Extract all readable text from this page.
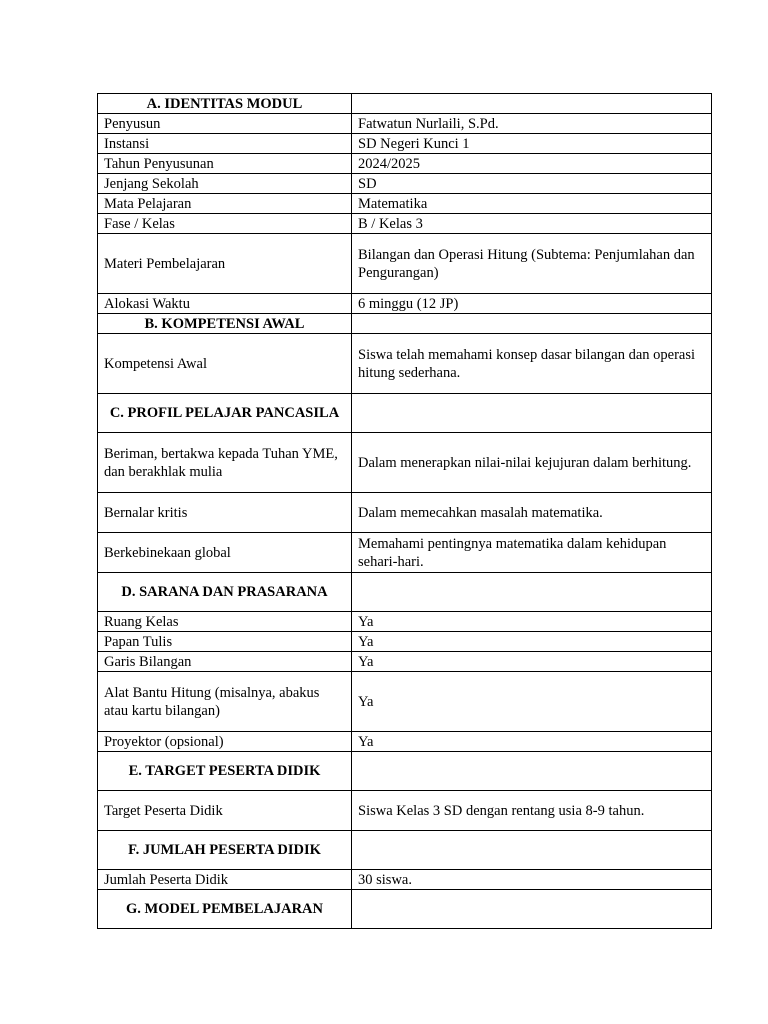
A. IDENTITAS MODUL	
Penyusun	Fatwatun Nurlaili, S.Pd.
Instansi	SD Negeri Kunci 1
Tahun Penyusunan	2024/2025
Jenjang Sekolah	SD
Mata Pelajaran	Matematika
Fase / Kelas	B / Kelas 3
Materi Pembelajaran	Bilangan dan Operasi Hitung (Subtema: Penjumlahan dan Pengurangan)
Alokasi Waktu	6 minggu (12 JP)
B. KOMPETENSI AWAL	
Kompetensi Awal	Siswa telah memahami konsep dasar bilangan dan operasi hitung sederhana.
C. PROFIL PELAJAR PANCASILA	
Beriman, bertakwa kepada Tuhan YME, dan berakhlak mulia	Dalam menerapkan nilai-nilai kejujuran dalam berhitung.
Bernalar kritis	Dalam memecahkan masalah matematika.
Berkebinekaan global	Memahami pentingnya matematika dalam kehidupan sehari-hari.
D. SARANA DAN PRASARANA	
Ruang Kelas	Ya
Papan Tulis	Ya
Garis Bilangan	Ya
Alat Bantu Hitung (misalnya, abakus atau kartu bilangan)	Ya
Proyektor (opsional)	Ya
E. TARGET PESERTA DIDIK	
Target Peserta Didik	Siswa Kelas 3 SD dengan rentang usia 8-9 tahun.
F. JUMLAH PESERTA DIDIK	
Jumlah Peserta Didik	30 siswa.
G. MODEL PEMBELAJARAN	
